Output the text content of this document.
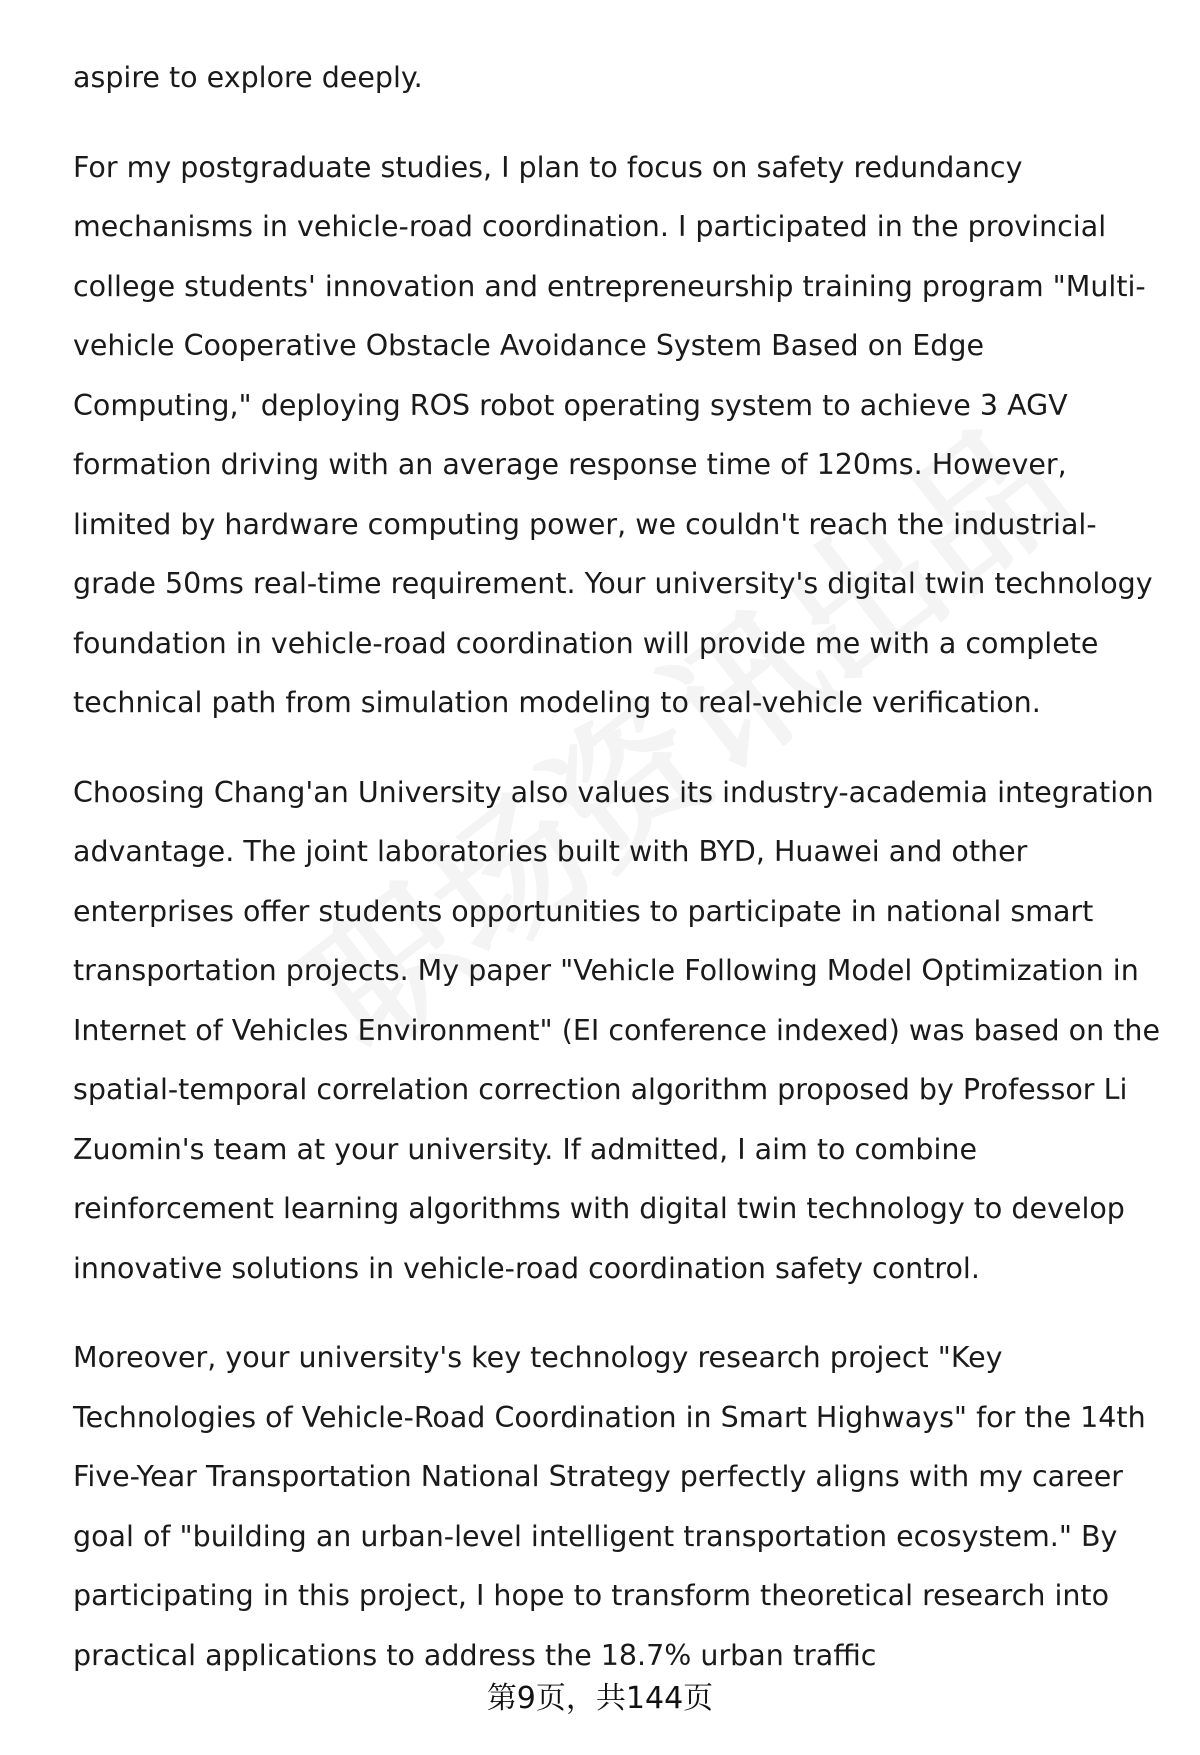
aspire to explore deeply.

For my postgraduate studies, I plan to focus on safety redundancy mechanisms in vehicle-road coordination. I participated in the provincial college students' innovation and entrepreneurship training program "Multi-vehicle Cooperative Obstacle Avoidance System Based on Edge Computing," deploying ROS robot operating system to achieve 3 AGV formation driving with an average response time of 120ms. However, limited by hardware computing power, we couldn't reach the industrial-grade 50ms real-time requirement. Your university's digital twin technology foundation in vehicle-road coordination will provide me with a complete technical path from simulation modeling to real-vehicle verification.

Choosing Chang'an University also values its industry-academia integration advantage. The joint laboratories built with BYD, Huawei and other enterprises offer students opportunities to participate in national smart transportation projects. My paper "Vehicle Following Model Optimization in Internet of Vehicles Environment" (EI conference indexed) was based on the spatial-temporal correlation correction algorithm proposed by Professor Li Zuomin's team at your university. If admitted, I aim to combine reinforcement learning algorithms with digital twin technology to develop innovative solutions in vehicle-road coordination safety control.

Moreover, your university's key technology research project "Key Technologies of Vehicle-Road Coordination in Smart Highways" for the 14th Five-Year Transportation National Strategy perfectly aligns with my career goal of "building an urban-level intelligent transportation ecosystem." By participating in this project, I hope to transform theoretical research into practical applications to address the 18.7% urban traffic

第9页，共144页
